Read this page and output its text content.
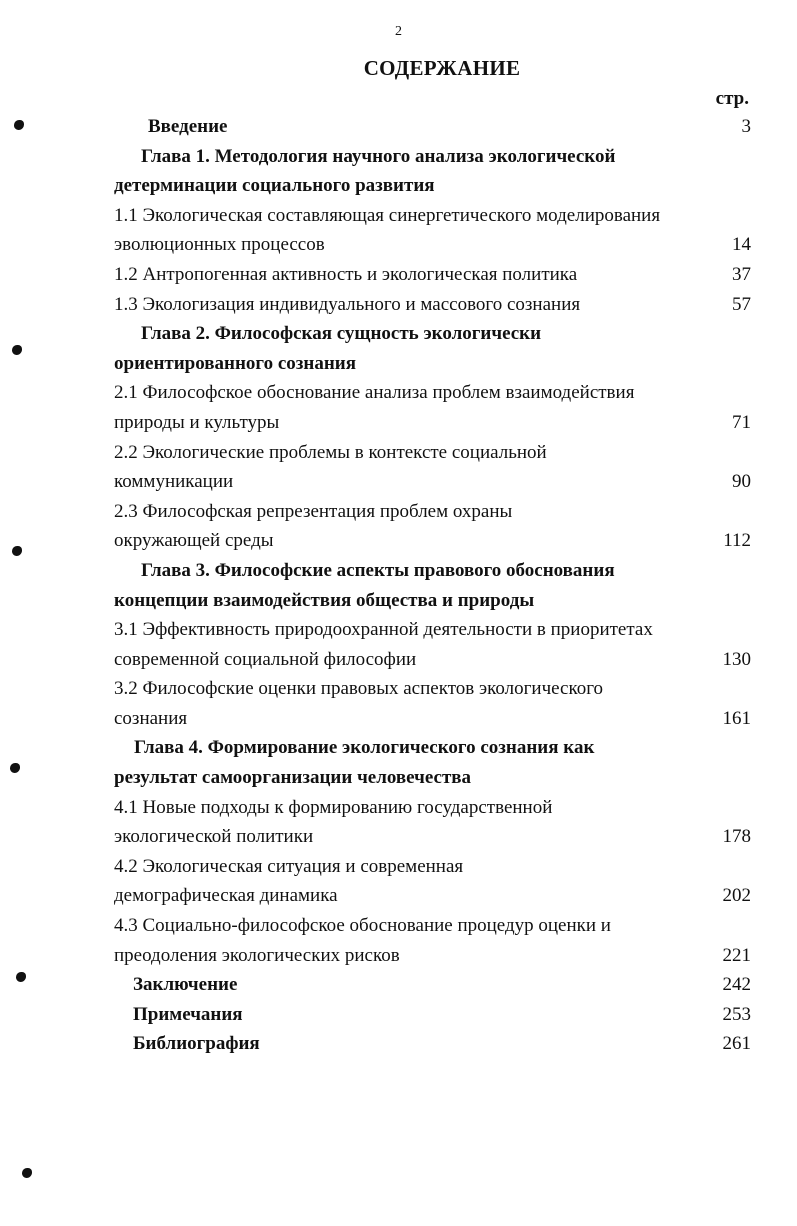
2
СОДЕРЖАНИЕ
стр.
Введение	3
Глава 1. Методология научного анализа экологической
детерминации социального развития
1.1 Экологическая составляющая синергетического моделирования
эволюционных процессов	14
1.2 Антропогенная активность и экологическая политика	37
1.3 Экологизация индивидуального и массового сознания	57
Глава 2. Философская сущность экологически
ориентированного сознания
2.1 Философское обоснование анализа проблем взаимодействия
природы и культуры	71
2.2 Экологические проблемы в контексте социальной
коммуникации	90
2.3 Философская репрезентация проблем охраны
окружающей среды	112
Глава 3. Философские аспекты правового обоснования
концепции взаимодействия общества и природы
3.1 Эффективность природоохранной деятельности в приоритетах
современной социальной философии	130
3.2 Философские оценки правовых аспектов экологического
сознания	161
Глава 4. Формирование экологического сознания как
результат самоорганизации человечества
4.1 Новые подходы к формированию государственной
экологической политики	178
4.2 Экологическая ситуация и современная
демографическая динамика	202
4.3 Социально-философское обоснование процедур оценки и
преодоления экологических рисков	221
Заключение	242
Примечания	253
Библиография	261
